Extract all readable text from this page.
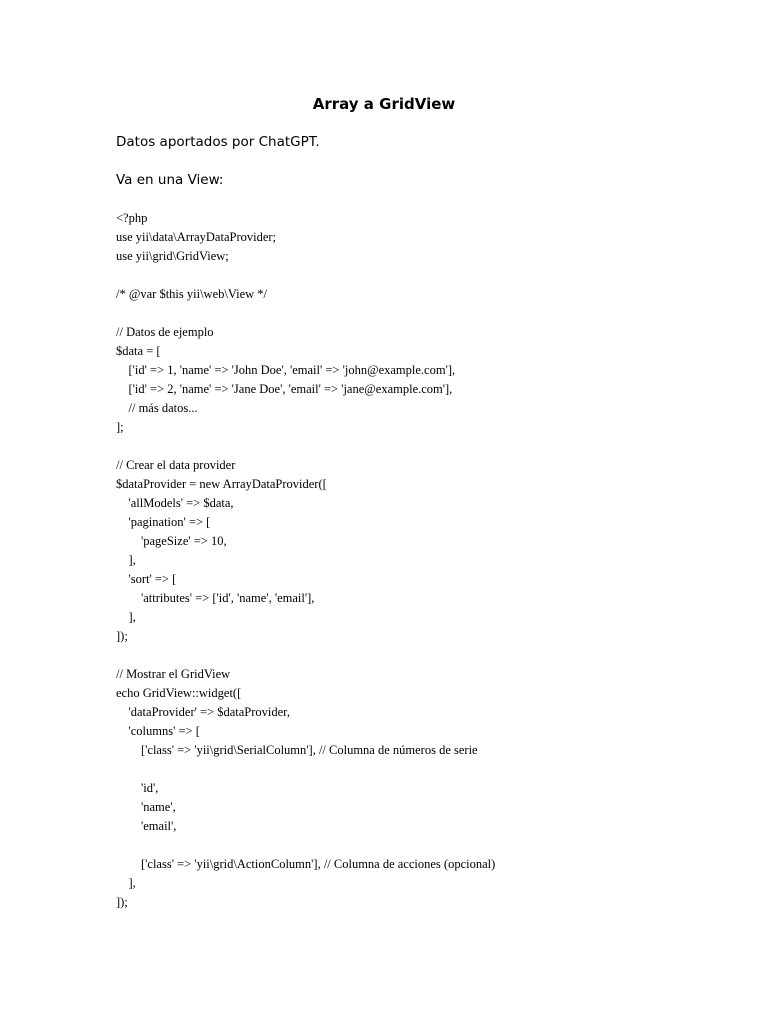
Array a GridView

Datos aportados por ChatGPT.

Va en una View:

<?php
use yii\data\ArrayDataProvider;
use yii\grid\GridView;
/* @var $this yii\web\View */
// Datos de ejemplo
$data = [
['id' => 1, 'name' => 'John Doe', 'email' => 'john@example.com'],
['id' => 2, 'name' => 'Jane Doe', 'email' => 'jane@example.com'],
// más datos...
];
// Crear el data provider
$dataProvider = new ArrayDataProvider([
'allModels' => $data,
'pagination' => [
'pageSize' => 10,
],
'sort' => [
'attributes' => ['id', 'name', 'email'],
],
]);
// Mostrar el GridView
echo GridView::widget([
'dataProvider' => $dataProvider,
'columns' => [
['class' => 'yii\grid\SerialColumn'], // Columna de números de serie
'id',
'name',
'email',
['class' => 'yii\grid\ActionColumn'], // Columna de acciones (opcional)
],
]);
